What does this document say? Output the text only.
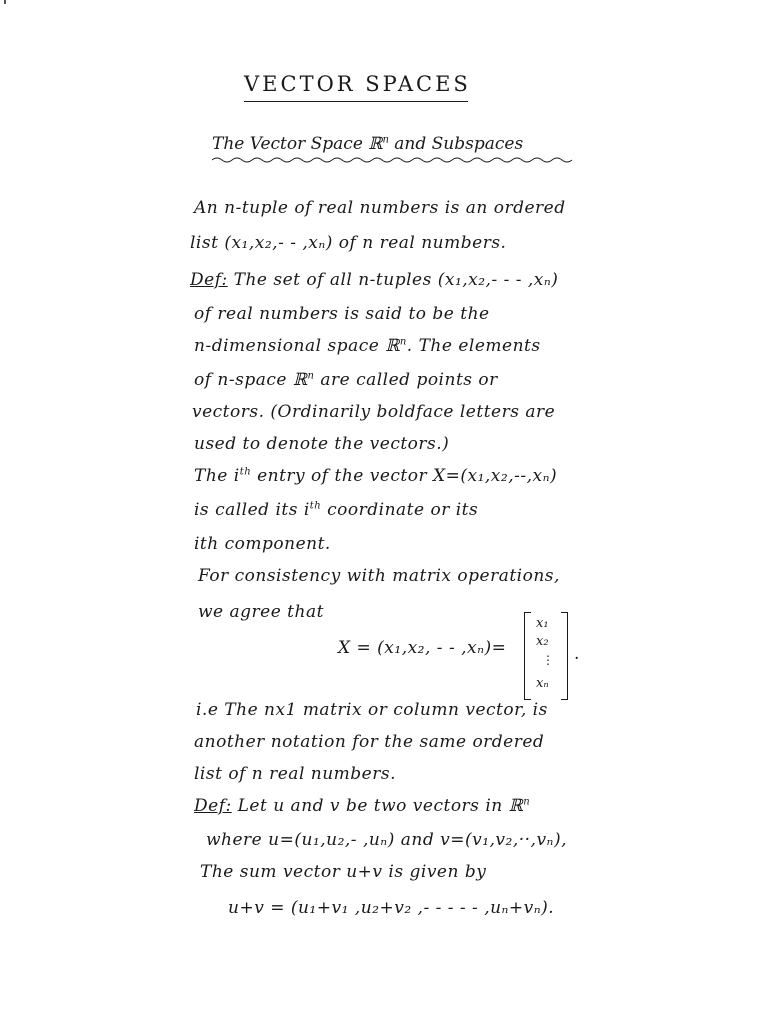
VECTOR SPACES
The Vector Space ℝ$^n$ and Subspaces
An n-tuple of real numbers is an ordered
list (x₁,x₂,- - ,xₙ) of n real numbers.
Def: The set of all n-tuples (x₁,x₂,- - - ,xₙ)
of real numbers is said to be the
n-dimensional space ℝ$^n$. The elements
of n-space ℝ$^n$ are called points or
vectors. (Ordinarily boldface letters are
used to denote the vectors.)
The $i^{th}$ entry of the vector X=(x₁,x₂,--,xₙ)
is called its $i^{th}$ coordinate or its
ith component.
For consistency with matrix operations,
we agree that
X = (x₁,x₂, - - ,xₙ)=
x₁
x₂
⋮
xₙ
.
i.e The nx1 matrix or column vector, is
another notation for the same ordered
list of n real numbers.
Def: Let u and v be two vectors in ℝ$^n$
where u=(u₁,u₂,- ,uₙ) and v=(v₁,v₂,··,vₙ),
The sum vector u+v is given by
u+v = (u₁+v₁ ,u₂+v₂ ,- - - - - ,uₙ+vₙ).
